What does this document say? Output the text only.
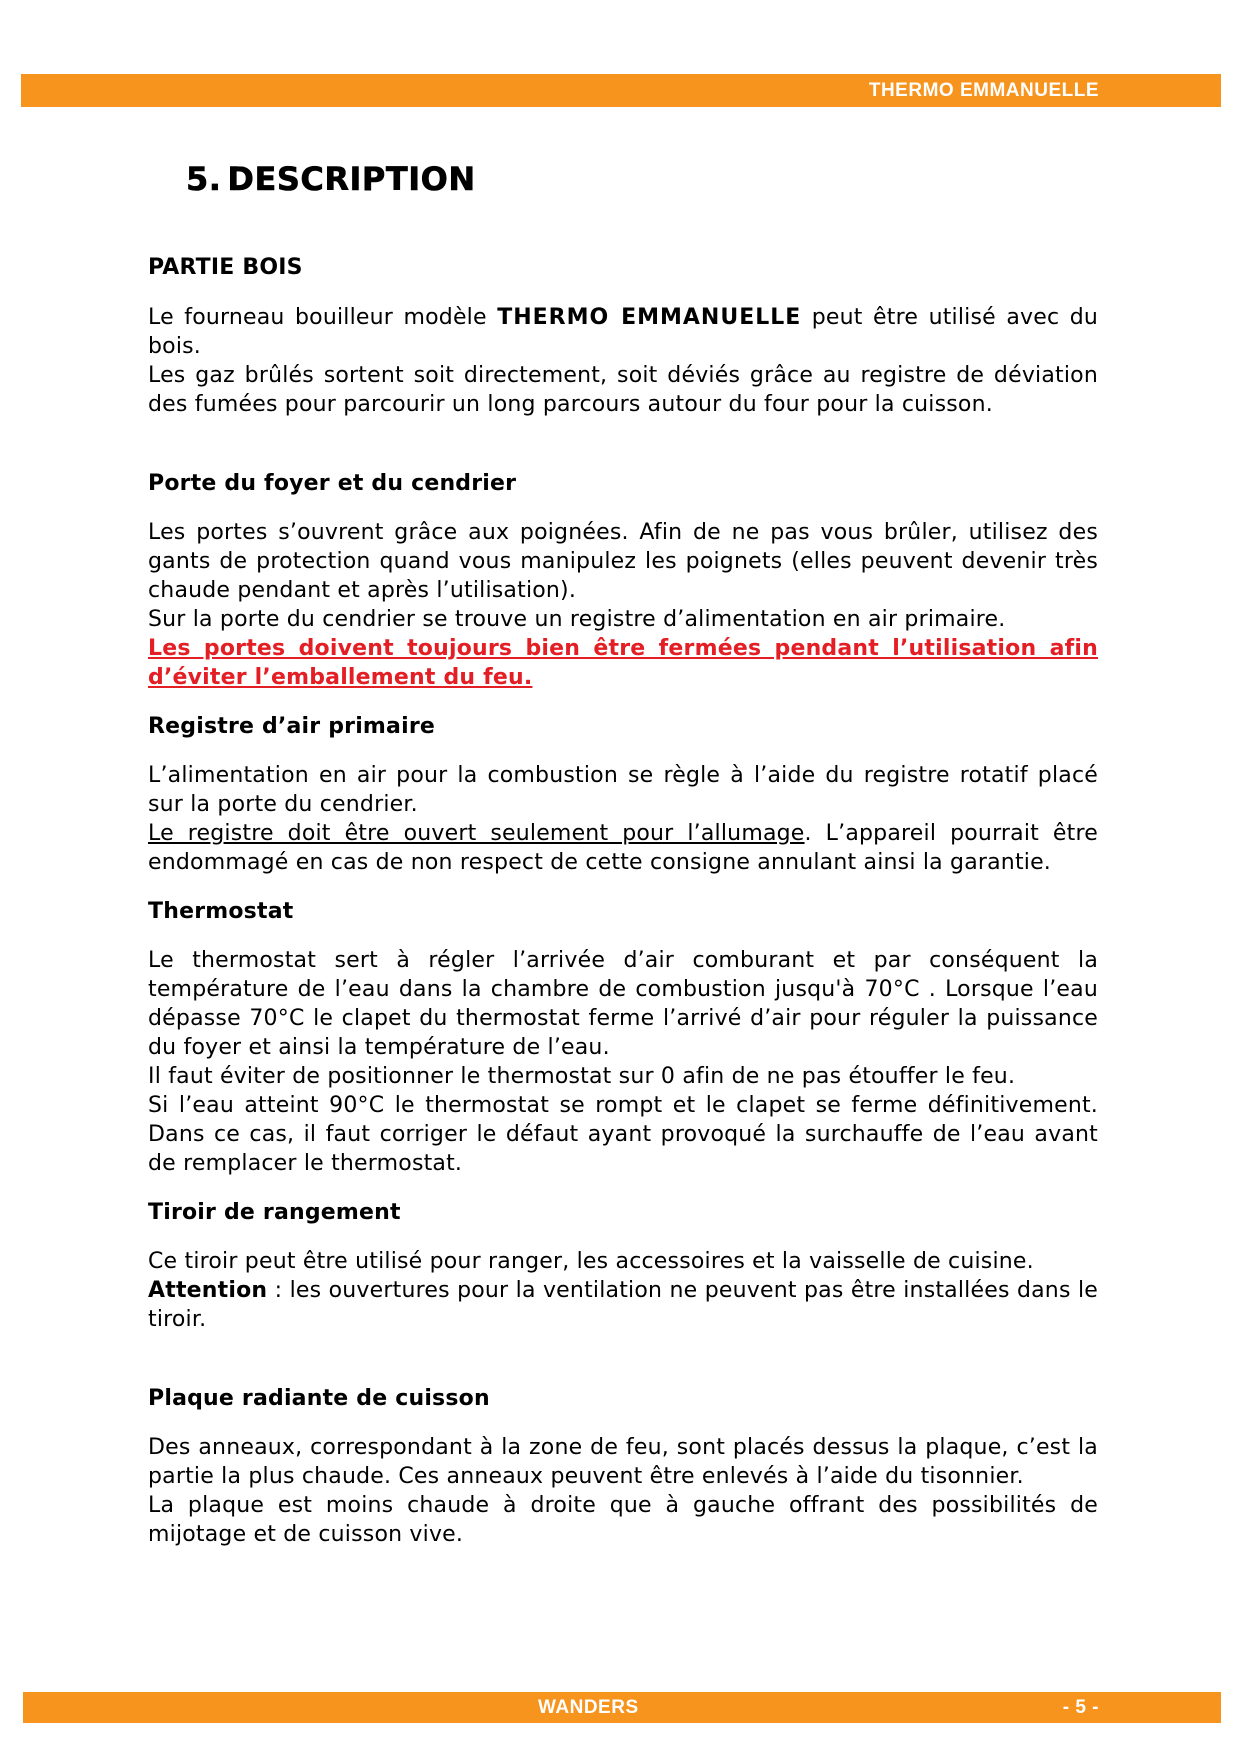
THERMO EMMANUELLE
5. DESCRIPTION
PARTIE BOIS

Le fourneau bouilleur modèle THERMO EMMANUELLE peut être utilisé avec du bois.

Les gaz brûlés sortent soit directement, soit déviés grâce au registre de déviation des fumées pour parcourir un long parcours autour du four pour la cuisson.

Porte du foyer et du cendrier

Les portes s’ouvrent grâce aux poignées. Afin de ne pas vous brûler, utilisez des gants de protection quand vous manipulez les poignets (elles peuvent devenir très chaude pendant et après l’utilisation).

Sur la porte du cendrier se trouve un registre d’alimentation en air primaire.

Les portes doivent toujours bien être fermées pendant l’utilisation afin d’éviter l’emballement du feu.

Registre d’air primaire

L’alimentation en air pour la combustion se règle à l’aide du registre rotatif placé sur la porte du cendrier.

Le registre doit être ouvert seulement pour l’allumage. L’appareil pourrait être endommagé en cas de non respect de cette consigne annulant ainsi la garantie.

Thermostat

Le thermostat sert à régler l’arrivée d’air comburant et par conséquent la température de l’eau dans la chambre de combustion jusqu'à 70°C . Lorsque l’eau dépasse 70°C le clapet du thermostat ferme l’arrivé d’air pour réguler la puissance du foyer et ainsi la température de l’eau.

Il faut éviter de positionner le thermostat sur 0 afin de ne pas étouffer le feu.

Si l’eau atteint 90°C le thermostat se rompt et le clapet se ferme définitivement. Dans ce cas, il faut corriger le défaut ayant provoqué la surchauffe de l’eau avant de remplacer le thermostat.

Tiroir de rangement

Ce tiroir peut être utilisé pour ranger, les accessoires et la vaisselle de cuisine.

Attention : les ouvertures pour la ventilation ne peuvent pas être installées dans le tiroir.

Plaque radiante de cuisson

Des anneaux, correspondant à la zone de feu, sont placés dessus la plaque, c’est la partie la plus chaude. Ces anneaux peuvent être enlevés à l’aide du tisonnier.

La plaque est moins chaude à droite que à gauche offrant des possibilités de mijotage et de cuisson vive.

WANDERS	- 5 -
